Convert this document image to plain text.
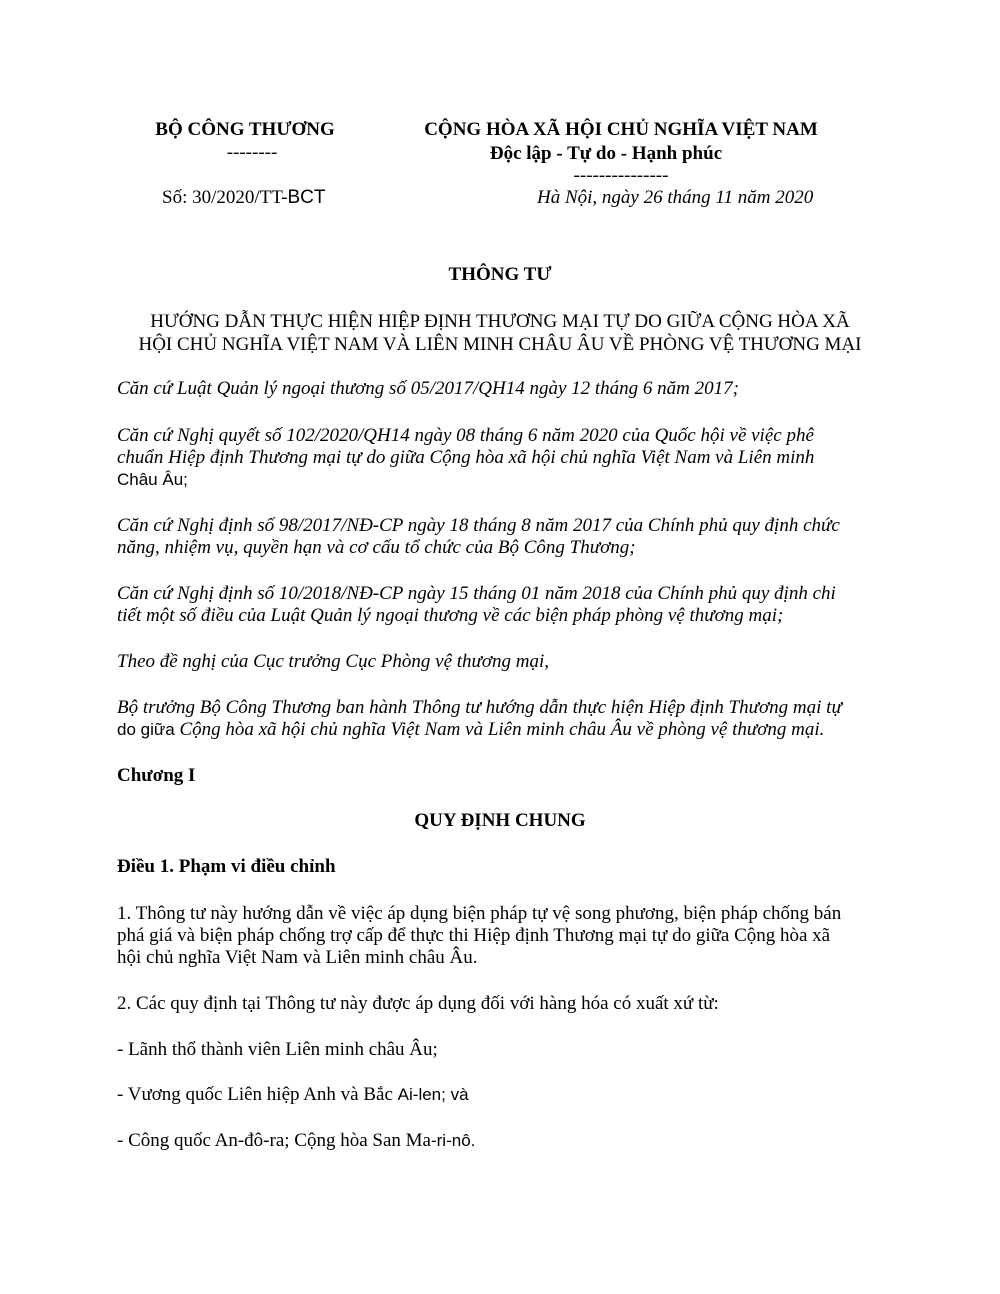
BỘ CÔNG THƯƠNG
--------
CỘNG HÒA XÃ HỘI CHỦ NGHĨA VIỆT NAM
Độc lập - Tự do - Hạnh phúc
---------------
Số: 30/2020/TT-BCT	Hà Nội, ngày 26 tháng 11 năm 2020
THÔNG TƯ
HƯỚNG DẪN THỰC HIỆN HIỆP ĐỊNH THƯƠNG MẠI TỰ DO GIỮA CỘNG HÒA XÃ
HỘI CHỦ NGHĨA VIỆT NAM VÀ LIÊN MINH CHÂU ÂU VỀ PHÒNG VỆ THƯƠNG MẠI
Căn cứ Luật Quản lý ngoại thương số 05/2017/QH14 ngày 12 tháng 6 năm 2017;
Căn cứ Nghị quyết số 102/2020/QH14 ngày 08 tháng 6 năm 2020 của Quốc hội về việc phê
chuẩn Hiệp định Thương mại tự do giữa Cộng hòa xã hội chủ nghĩa Việt Nam và Liên minh
Châu Âu;
Căn cứ Nghị định số 98/2017/NĐ-CP ngày 18 tháng 8 năm 2017 của Chính phủ quy định chức
năng, nhiệm vụ, quyền hạn và cơ cấu tổ chức của Bộ Công Thương;
Căn cứ Nghị định số 10/2018/NĐ-CP ngày 15 tháng 01 năm 2018 của Chính phủ quy định chi
tiết một số điều của Luật Quản lý ngoại thương về các biện pháp phòng vệ thương mại;
Theo đề nghị của Cục trưởng Cục Phòng vệ thương mại,
Bộ trưởng Bộ Công Thương ban hành Thông tư hướng dẫn thực hiện Hiệp định Thương mại tự
do giữa Cộng hòa xã hội chủ nghĩa Việt Nam và Liên minh châu Âu về phòng vệ thương mại.
Chương I
QUY ĐỊNH CHUNG
Điều 1. Phạm vi điều chỉnh
1. Thông tư này hướng dẫn về việc áp dụng biện pháp tự vệ song phương, biện pháp chống bán
phá giá và biện pháp chống trợ cấp để thực thi Hiệp định Thương mại tự do giữa Cộng hòa xã
hội chủ nghĩa Việt Nam và Liên minh châu Âu.
2. Các quy định tại Thông tư này được áp dụng đối với hàng hóa có xuất xứ từ:
- Lãnh thổ thành viên Liên minh châu Âu;
- Vương quốc Liên hiệp Anh và Bắc Ai-len; và
- Công quốc An-đô-ra; Cộng hòa San Ma-ri-nô.
